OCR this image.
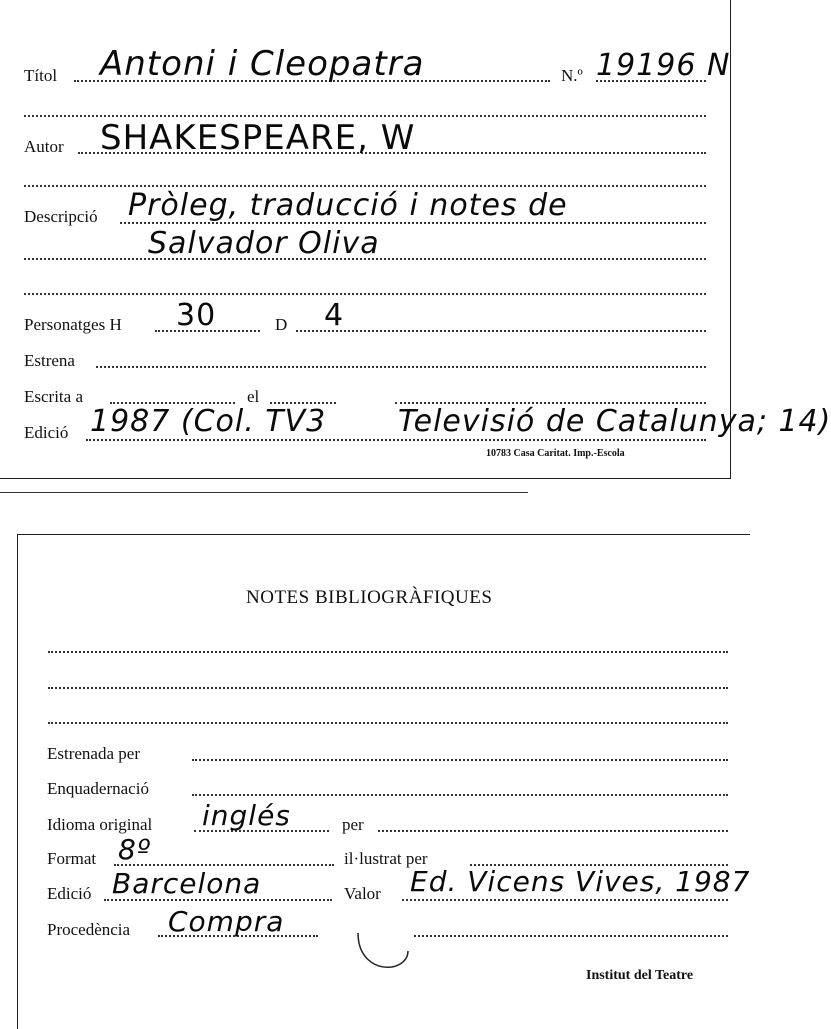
Títol Antoni i Cleopatra	N.º 19196 N
Autor SHAKESPEARE, W
Descripció Pròleg, traducció i notes de
Salvador Oliva
Personatges H 30	D 4
Estrena
Escrita a	el
Edició 1987 (Col. TV3 Televisió de Catalunya; 14)
10783 Casa Caritat. Imp.-Escola
NOTES BIBLIOGRÀFIQUES
Estrenada per
Enquadernació
Idioma original inglés	per
Format 8º	il·lustrat per
Edició Barcelona	Valor Ed. Vicens Vives, 1987
Procedència Compra
Institut del Teatre
